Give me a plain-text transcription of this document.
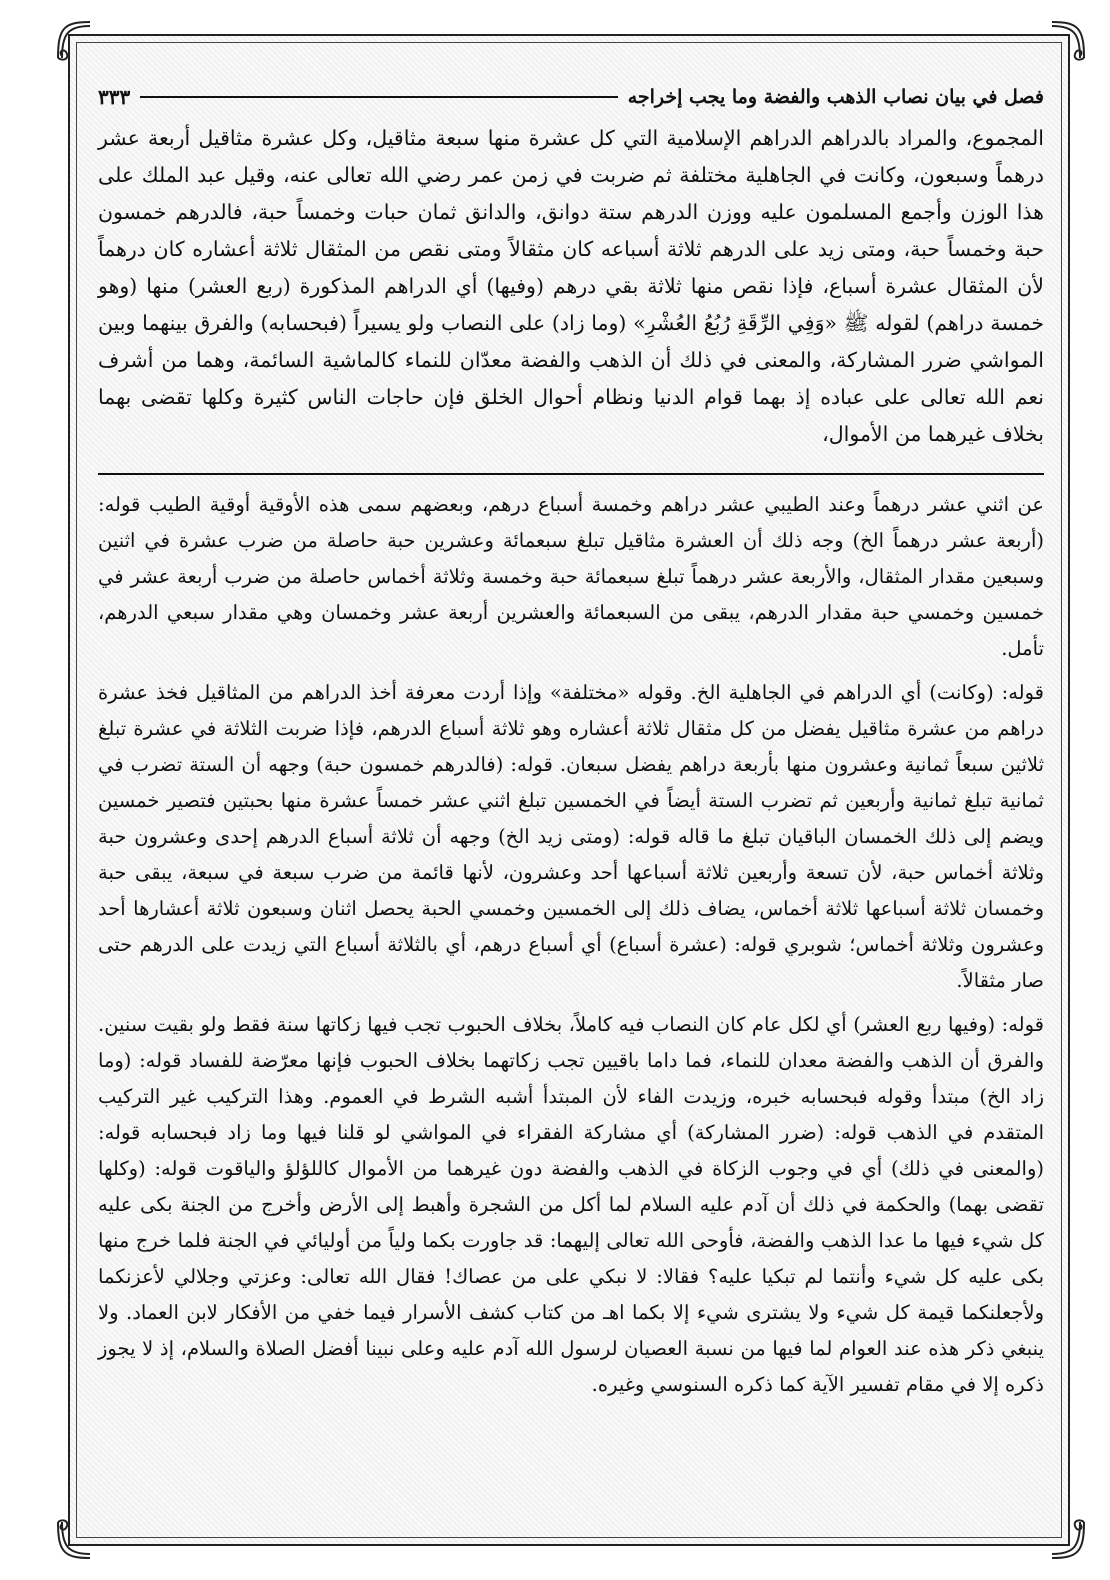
فصل في بيان نصاب الذهب والفضة وما يجب إخراجه
٣٣٣

المجموع، والمراد بالدراهم الدراهم الإسلامية التي كل عشرة منها سبعة مثاقيل، وكل عشرة مثاقيل أربعة عشر درهماً وسبعون، وكانت في الجاهلية مختلفة ثم ضربت في زمن عمر رضي الله تعالى عنه، وقيل عبد الملك على هذا الوزن وأجمع المسلمون عليه ووزن الدرهم ستة دوانق، والدانق ثمان حبات وخمساً حبة، فالدرهم خمسون حبة وخمساً حبة، ومتى زيد على الدرهم ثلاثة أسباعه كان مثقالاً ومتى نقص من المثقال ثلاثة أعشاره كان درهماً لأن المثقال عشرة أسباع، فإذا نقص منها ثلاثة بقي درهم (وفيها) أي الدراهم المذكورة (ربع العشر) منها (وهو خمسة دراهم) لقوله ﷺ «وَفِي الرِّقَةِ رُبُعُ العُشْرِ» (وما زاد) على النصاب ولو يسيراً (فبحسابه) والفرق بينهما وبين المواشي ضرر المشاركة، والمعنى في ذلك أن الذهب والفضة معدّان للنماء كالماشية السائمة، وهما من أشرف نعم الله تعالى على عباده إذ بهما قوام الدنيا ونظام أحوال الخلق فإن حاجات الناس كثيرة وكلها تقضى بهما بخلاف غيرهما من الأموال،

عن اثني عشر درهماً وعند الطيبي عشر دراهم وخمسة أسباع درهم، وبعضهم سمى هذه الأوقية أوقية الطيب قوله: (أربعة عشر درهماً الخ) وجه ذلك أن العشرة مثاقيل تبلغ سبعمائة وعشرين حبة حاصلة من ضرب عشرة في اثنين وسبعين مقدار المثقال، والأربعة عشر درهماً تبلغ سبعمائة حبة وخمسة وثلاثة أخماس حاصلة من ضرب أربعة عشر في خمسين وخمسي حبة مقدار الدرهم، يبقى من السبعمائة والعشرين أربعة عشر وخمسان وهي مقدار سبعي الدرهم، تأمل.

قوله: (وكانت) أي الدراهم في الجاهلية الخ. وقوله «مختلفة» وإذا أردت معرفة أخذ الدراهم من المثاقيل فخذ عشرة دراهم من عشرة مثاقيل يفضل من كل مثقال ثلاثة أعشاره وهو ثلاثة أسباع الدرهم، فإذا ضربت الثلاثة في عشرة تبلغ ثلاثين سبعاً ثمانية وعشرون منها بأربعة دراهم يفضل سبعان. قوله: (فالدرهم خمسون حبة) وجهه أن الستة تضرب في ثمانية تبلغ ثمانية وأربعين ثم تضرب الستة أيضاً في الخمسين تبلغ اثني عشر خمساً عشرة منها بحبتين فتصير خمسين ويضم إلى ذلك الخمسان الباقيان تبلغ ما قاله قوله: (ومتى زيد الخ) وجهه أن ثلاثة أسباع الدرهم إحدى وعشرون حبة وثلاثة أخماس حبة، لأن تسعة وأربعين ثلاثة أسباعها أحد وعشرون، لأنها قائمة من ضرب سبعة في سبعة، يبقى حبة وخمسان ثلاثة أسباعها ثلاثة أخماس، يضاف ذلك إلى الخمسين وخمسي الحبة يحصل اثنان وسبعون ثلاثة أعشارها أحد وعشرون وثلاثة أخماس؛ شوبري قوله: (عشرة أسباع) أي أسباع درهم، أي بالثلاثة أسباع التي زيدت على الدرهم حتى صار مثقالاً.

قوله: (وفيها ربع العشر) أي لكل عام كان النصاب فيه كاملاً، بخلاف الحبوب تجب فيها زكاتها سنة فقط ولو بقيت سنين. والفرق أن الذهب والفضة معدان للنماء، فما داما باقيين تجب زكاتهما بخلاف الحبوب فإنها معرّضة للفساد قوله: (وما زاد الخ) مبتدأ وقوله فبحسابه خبره، وزيدت الفاء لأن المبتدأ أشبه الشرط في العموم. وهذا التركيب غير التركيب المتقدم في الذهب قوله: (ضرر المشاركة) أي مشاركة الفقراء في المواشي لو قلنا فيها وما زاد فبحسابه قوله: (والمعنى في ذلك) أي في وجوب الزكاة في الذهب والفضة دون غيرهما من الأموال كاللؤلؤ والياقوت قوله: (وكلها تقضى بهما) والحكمة في ذلك أن آدم عليه السلام لما أكل من الشجرة وأهبط إلى الأرض وأخرج من الجنة بكى عليه كل شيء فيها ما عدا الذهب والفضة، فأوحى الله تعالى إليهما: قد جاورت بكما ولياً من أوليائي في الجنة فلما خرج منها بكى عليه كل شيء وأنتما لم تبكيا عليه؟ فقالا: لا نبكي على من عصاك! فقال الله تعالى: وعزتي وجلالي لأعزنكما ولأجعلنكما قيمة كل شيء ولا يشترى شيء إلا بكما اهـ من كتاب كشف الأسرار فيما خفي من الأفكار لابن العماد. ولا ينبغي ذكر هذه عند العوام لما فيها من نسبة العصيان لرسول الله آدم عليه وعلى نبينا أفضل الصلاة والسلام، إذ لا يجوز ذكره إلا في مقام تفسير الآية كما ذكره السنوسي وغيره.
